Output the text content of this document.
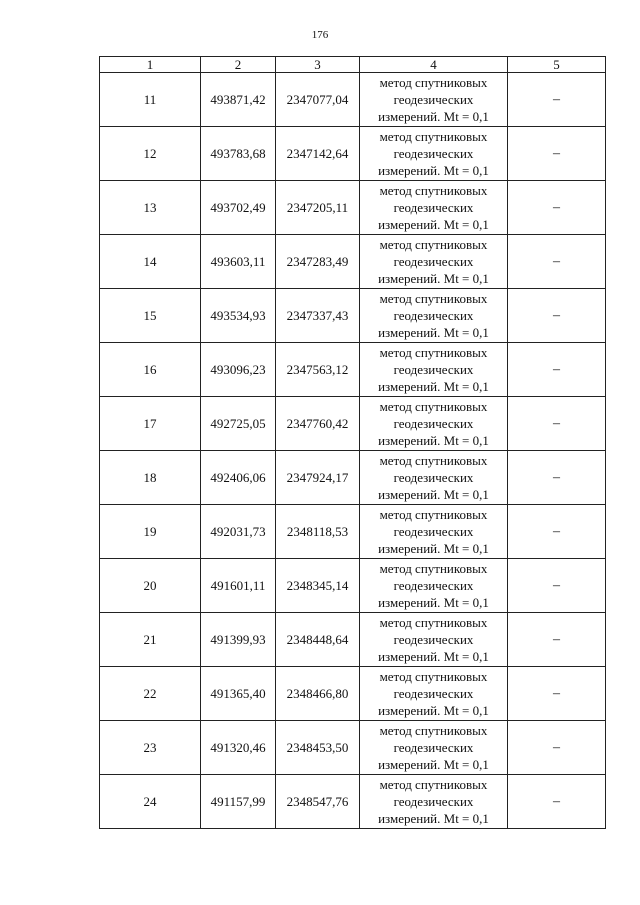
176
1	2	3	4	5
11	493871,42	2347077,04	метод спутниковых
геодезических
измерений. Mt = 0,1	–
12	493783,68	2347142,64	метод спутниковых
геодезических
измерений. Mt = 0,1	–
13	493702,49	2347205,11	метод спутниковых
геодезических
измерений. Mt = 0,1	–
14	493603,11	2347283,49	метод спутниковых
геодезических
измерений. Mt = 0,1	–
15	493534,93	2347337,43	метод спутниковых
геодезических
измерений. Mt = 0,1	–
16	493096,23	2347563,12	метод спутниковых
геодезических
измерений. Mt = 0,1	–
17	492725,05	2347760,42	метод спутниковых
геодезических
измерений. Mt = 0,1	–
18	492406,06	2347924,17	метод спутниковых
геодезических
измерений. Mt = 0,1	–
19	492031,73	2348118,53	метод спутниковых
геодезических
измерений. Mt = 0,1	–
20	491601,11	2348345,14	метод спутниковых
геодезических
измерений. Mt = 0,1	–
21	491399,93	2348448,64	метод спутниковых
геодезических
измерений. Mt = 0,1	–
22	491365,40	2348466,80	метод спутниковых
геодезических
измерений. Mt = 0,1	–
23	491320,46	2348453,50	метод спутниковых
геодезических
измерений. Mt = 0,1	–
24	491157,99	2348547,76	метод спутниковых
геодезических
измерений. Mt = 0,1	–
